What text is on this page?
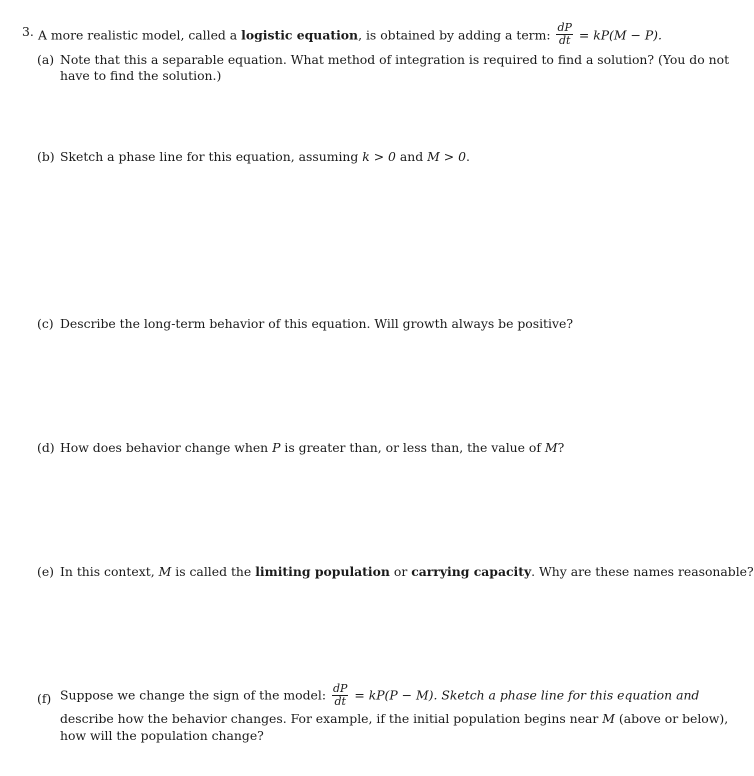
3. A more realistic model, called a logistic equation, is obtained by adding a term: $\frac{dP}{dt} = kP(M - P)$.
(a) Note that this a separable equation. What method of integration is required to find a solution? (You do not
have to find the solution.)
(b) Sketch a phase line for this equation, assuming k > 0 and M > 0.
(c) Describe the long-term behavior of this equation. Will growth always be positive?
(d) How does behavior change when P is greater than, or less than, the value of M?
(e) In this context, M is called the limiting population or carrying capacity. Why are these names reasonable?
(f) Suppose we change the sign of the model: $\frac{dP}{dt} = kP(P - M)$. Sketch a phase line for this equation and
describe how the behavior changes. For example, if the initial population begins near M (above or below),
how will the population change?
